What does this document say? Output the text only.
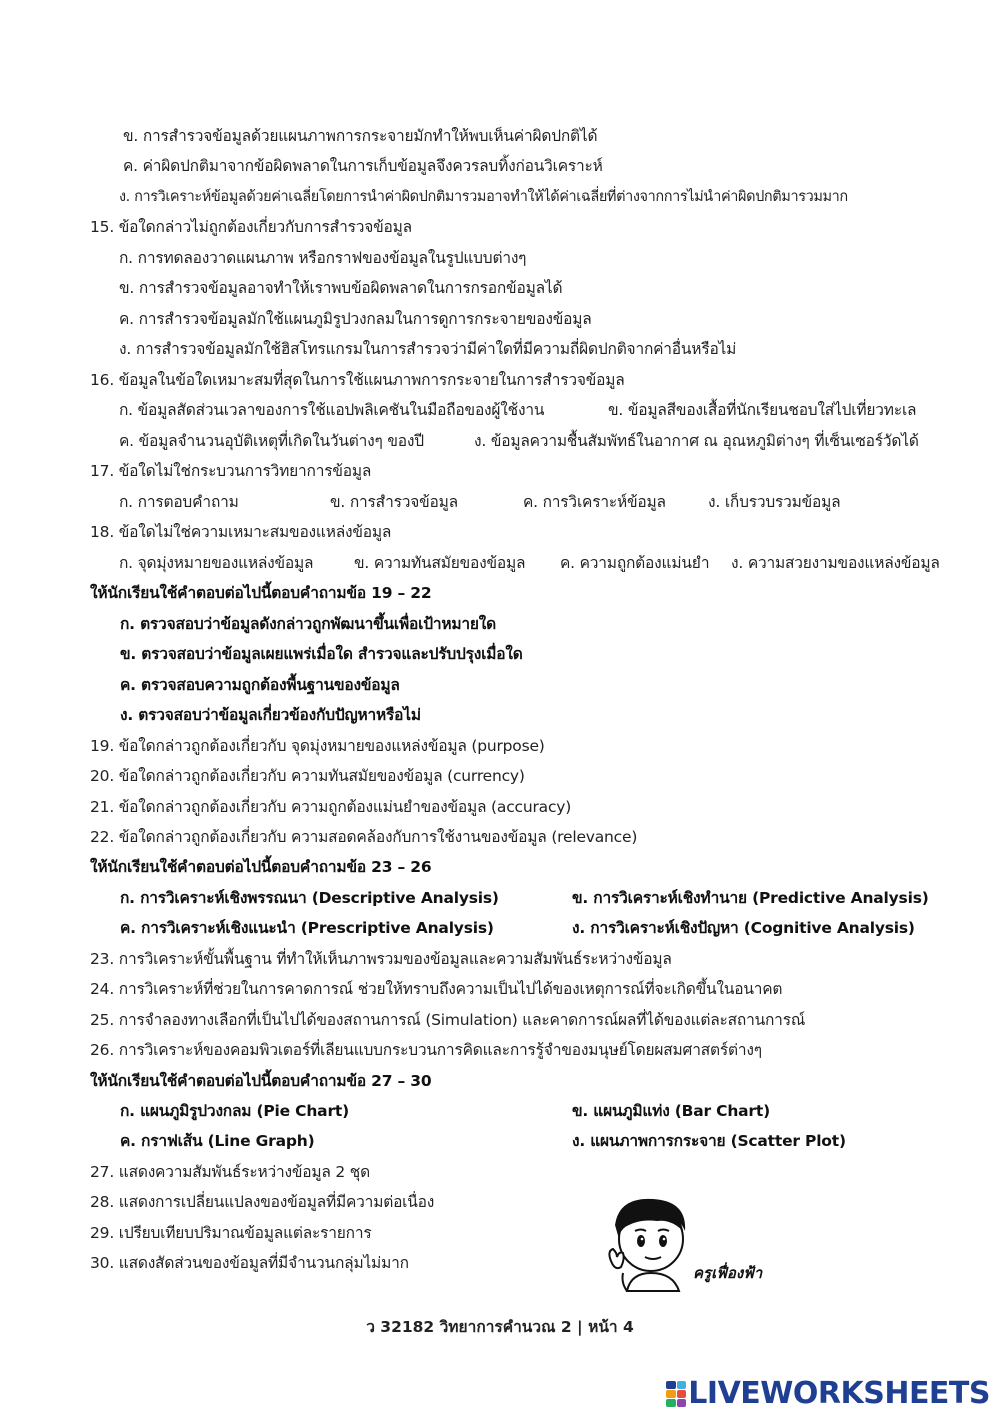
ข. การสำรวจข้อมูลด้วยแผนภาพการกระจายมักทำให้พบเห็นค่าผิดปกติได้
ค. ค่าผิดปกติมาจากข้อผิดพลาดในการเก็บข้อมูลจึงควรลบทิ้งก่อนวิเคราะห์
ง. การวิเคราะห์ข้อมูลด้วยค่าเฉลี่ยโดยการนำค่าผิดปกติมารวมอาจทำให้ได้ค่าเฉลี่ยที่ต่างจากการไม่นำค่าผิดปกติมารวมมาก
15. ข้อใดกล่าวไม่ถูกต้องเกี่ยวกับการสำรวจข้อมูล
ก. การทดลองวาดแผนภาพ หรือกราฟของข้อมูลในรูปแบบต่างๆ
ข. การสำรวจข้อมูลอาจทำให้เราพบข้อผิดพลาดในการกรอกข้อมูลได้
ค. การสำรวจข้อมูลมักใช้แผนภูมิรูปวงกลมในการดูการกระจายของข้อมูล
ง. การสำรวจข้อมูลมักใช้ฮิสโทรแกรมในการสำรวจว่ามีค่าใดที่มีความถี่ผิดปกติจากค่าอื่นหรือไม่
16. ข้อมูลในข้อใดเหมาะสมที่สุดในการใช้แผนภาพการกระจายในการสำรวจข้อมูล
ก. ข้อมูลสัดส่วนเวลาของการใช้แอปพลิเคชันในมือถือของผู้ใช้งาน	ข. ข้อมูลสีของเสื้อที่นักเรียนชอบใส่ไปเที่ยวทะเล
ค. ข้อมูลจำนวนอุบัติเหตุที่เกิดในวันต่างๆ ของปี	ง. ข้อมูลความชื้นสัมพัทธ์ในอากาศ ณ อุณหภูมิต่างๆ ที่เซ็นเซอร์วัดได้
17. ข้อใดไม่ใช่กระบวนการวิทยาการข้อมูล
ก. การตอบคำถาม	ข. การสำรวจข้อมูล	ค. การวิเคราะห์ข้อมูล	ง. เก็บรวบรวมข้อมูล
18. ข้อใดไม่ใช่ความเหมาะสมของแหล่งข้อมูล
ก. จุดมุ่งหมายของแหล่งข้อมูล	ข. ความทันสมัยของข้อมูล ค. ความถูกต้องแม่นยำ ง. ความสวยงามของแหล่งข้อมูล
ให้นักเรียนใช้คำตอบต่อไปนี้ตอบคำถามข้อ 19 – 22
ก. ตรวจสอบว่าข้อมูลดังกล่าวถูกพัฒนาขึ้นเพื่อเป้าหมายใด
ข. ตรวจสอบว่าข้อมูลเผยแพร่เมื่อใด สำรวจและปรับปรุงเมื่อใด
ค. ตรวจสอบความถูกต้องพื้นฐานของข้อมูล
ง. ตรวจสอบว่าข้อมูลเกี่ยวข้องกับปัญหาหรือไม่
19. ข้อใดกล่าวถูกต้องเกี่ยวกับ จุดมุ่งหมายของแหล่งข้อมูล (purpose)
20. ข้อใดกล่าวถูกต้องเกี่ยวกับ ความทันสมัยของข้อมูล (currency)
21. ข้อใดกล่าวถูกต้องเกี่ยวกับ ความถูกต้องแม่นยำของข้อมูล (accuracy)
22. ข้อใดกล่าวถูกต้องเกี่ยวกับ ความสอดคล้องกับการใช้งานของข้อมูล (relevance)
ให้นักเรียนใช้คำตอบต่อไปนี้ตอบคำถามข้อ 23 – 26
ก. การวิเคราะห์เชิงพรรณนา (Descriptive Analysis)	ข. การวิเคราะห์เชิงทำนาย (Predictive Analysis)
ค. การวิเคราะห์เชิงแนะนำ (Prescriptive Analysis)	ง. การวิเคราะห์เชิงปัญหา (Cognitive Analysis)
23. การวิเคราะห์ขั้นพื้นฐาน ที่ทำให้เห็นภาพรวมของข้อมูลและความสัมพันธ์ระหว่างข้อมูล
24. การวิเคราะห์ที่ช่วยในการคาดการณ์ ช่วยให้ทราบถึงความเป็นไปได้ของเหตุการณ์ที่จะเกิดขึ้นในอนาคต
25. การจำลองทางเลือกที่เป็นไปได้ของสถานการณ์ (Simulation) และคาดการณ์ผลที่ได้ของแต่ละสถานการณ์
26. การวิเคราะห์ของคอมพิวเตอร์ที่เลียนแบบกระบวนการคิดและการรู้จำของมนุษย์โดยผสมศาสตร์ต่างๆ
ให้นักเรียนใช้คำตอบต่อไปนี้ตอบคำถามข้อ 27 – 30
ก. แผนภูมิรูปวงกลม (Pie Chart)	ข. แผนภูมิแท่ง (Bar Chart)
ค. กราฟเส้น (Line Graph)	ง. แผนภาพการกระจาย (Scatter Plot)
27. แสดงความสัมพันธ์ระหว่างข้อมูล 2 ชุด
28. แสดงการเปลี่ยนแปลงของข้อมูลที่มีความต่อเนื่อง
29. เปรียบเทียบปริมาณข้อมูลแต่ละรายการ
30. แสดงสัดส่วนของข้อมูลที่มีจำนวนกลุ่มไม่มาก
ครูเฟื่องฟ้า
ว 32182 วิทยาการคำนวณ 2 | หน้า 4
LIVEWORKSHEETS
